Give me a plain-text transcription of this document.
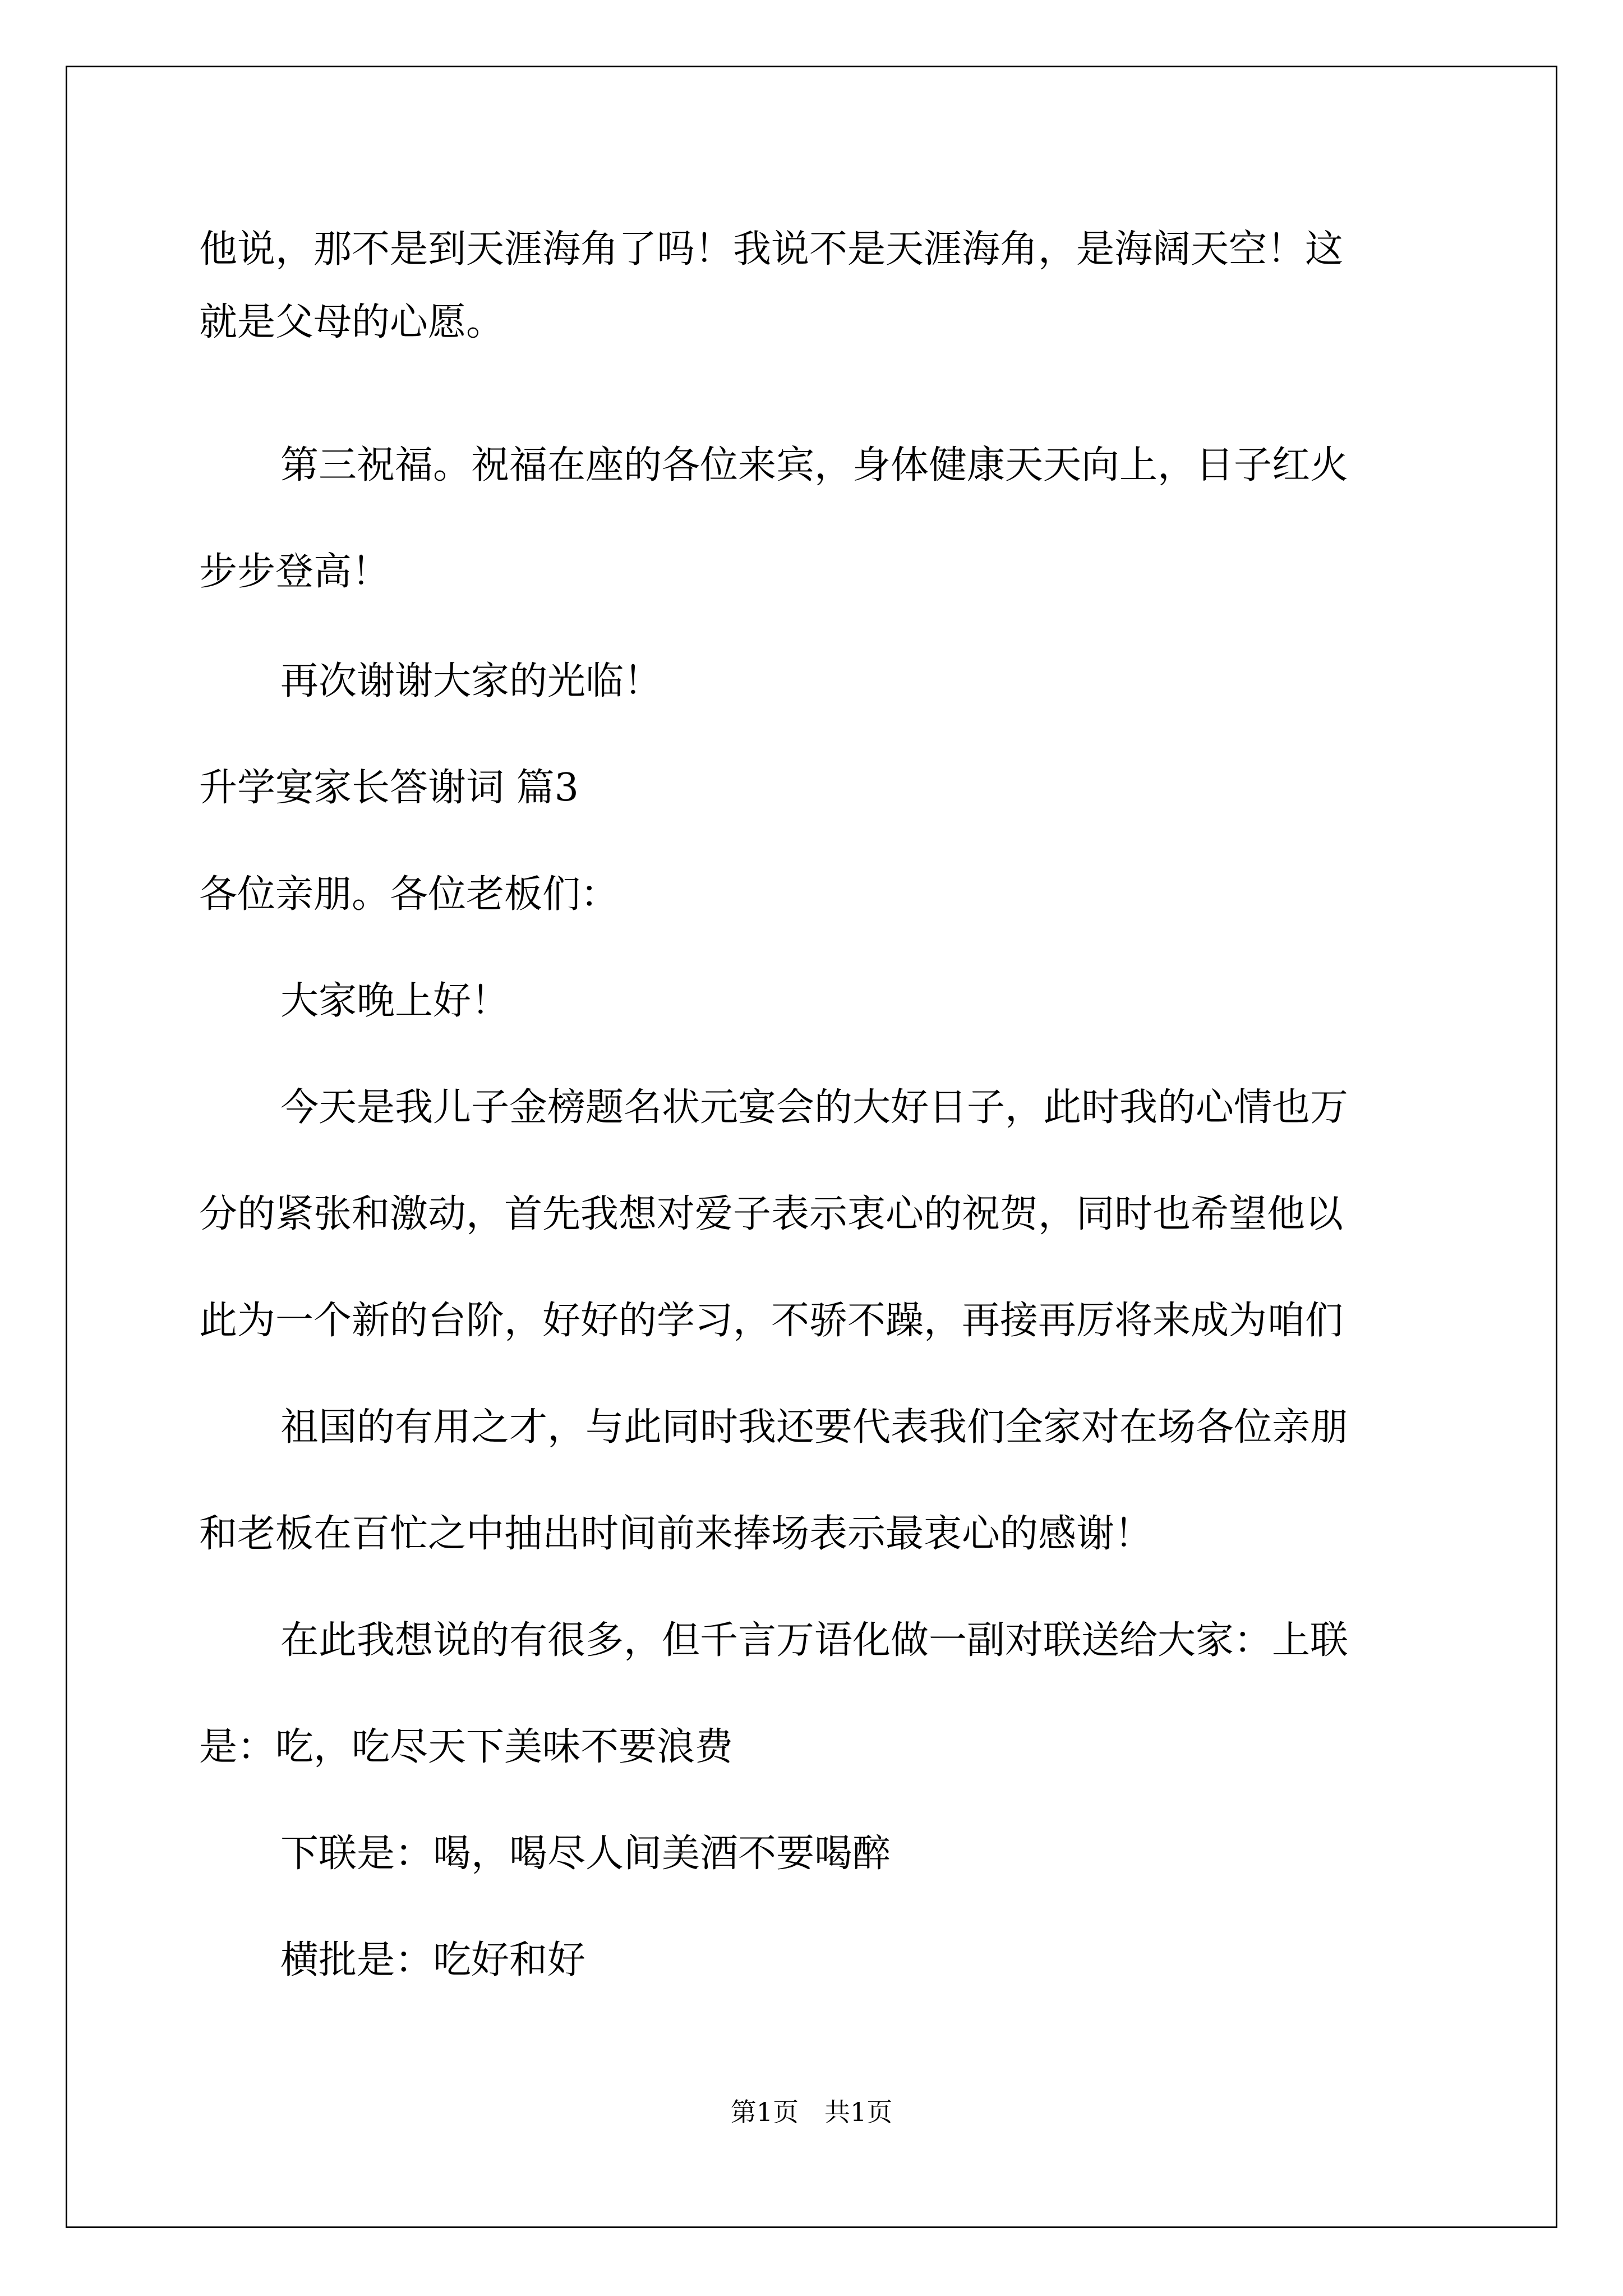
他说，那不是到天涯海角了吗！我说不是天涯海角，是海阔天空！这

就是父母的心愿。

第三祝福。祝福在座的各位来宾，身体健康天天向上，日子红火

步步登高！

再次谢谢大家的光临！

升学宴家长答谢词 篇3

各位亲朋。各位老板们：

大家晚上好！

今天是我儿子金榜题名状元宴会的大好日子，此时我的心情也万

分的紧张和激动，首先我想对爱子表示衷心的祝贺，同时也希望他以

此为一个新的台阶，好好的学习，不骄不躁，再接再厉将来成为咱们

祖国的有用之才，与此同时我还要代表我们全家对在场各位亲朋

和老板在百忙之中抽出时间前来捧场表示最衷心的感谢！

在此我想说的有很多，但千言万语化做一副对联送给大家：上联

是：吃，吃尽天下美味不要浪费

下联是：喝，喝尽人间美酒不要喝醉

横批是：吃好和好

第1页 共1页
